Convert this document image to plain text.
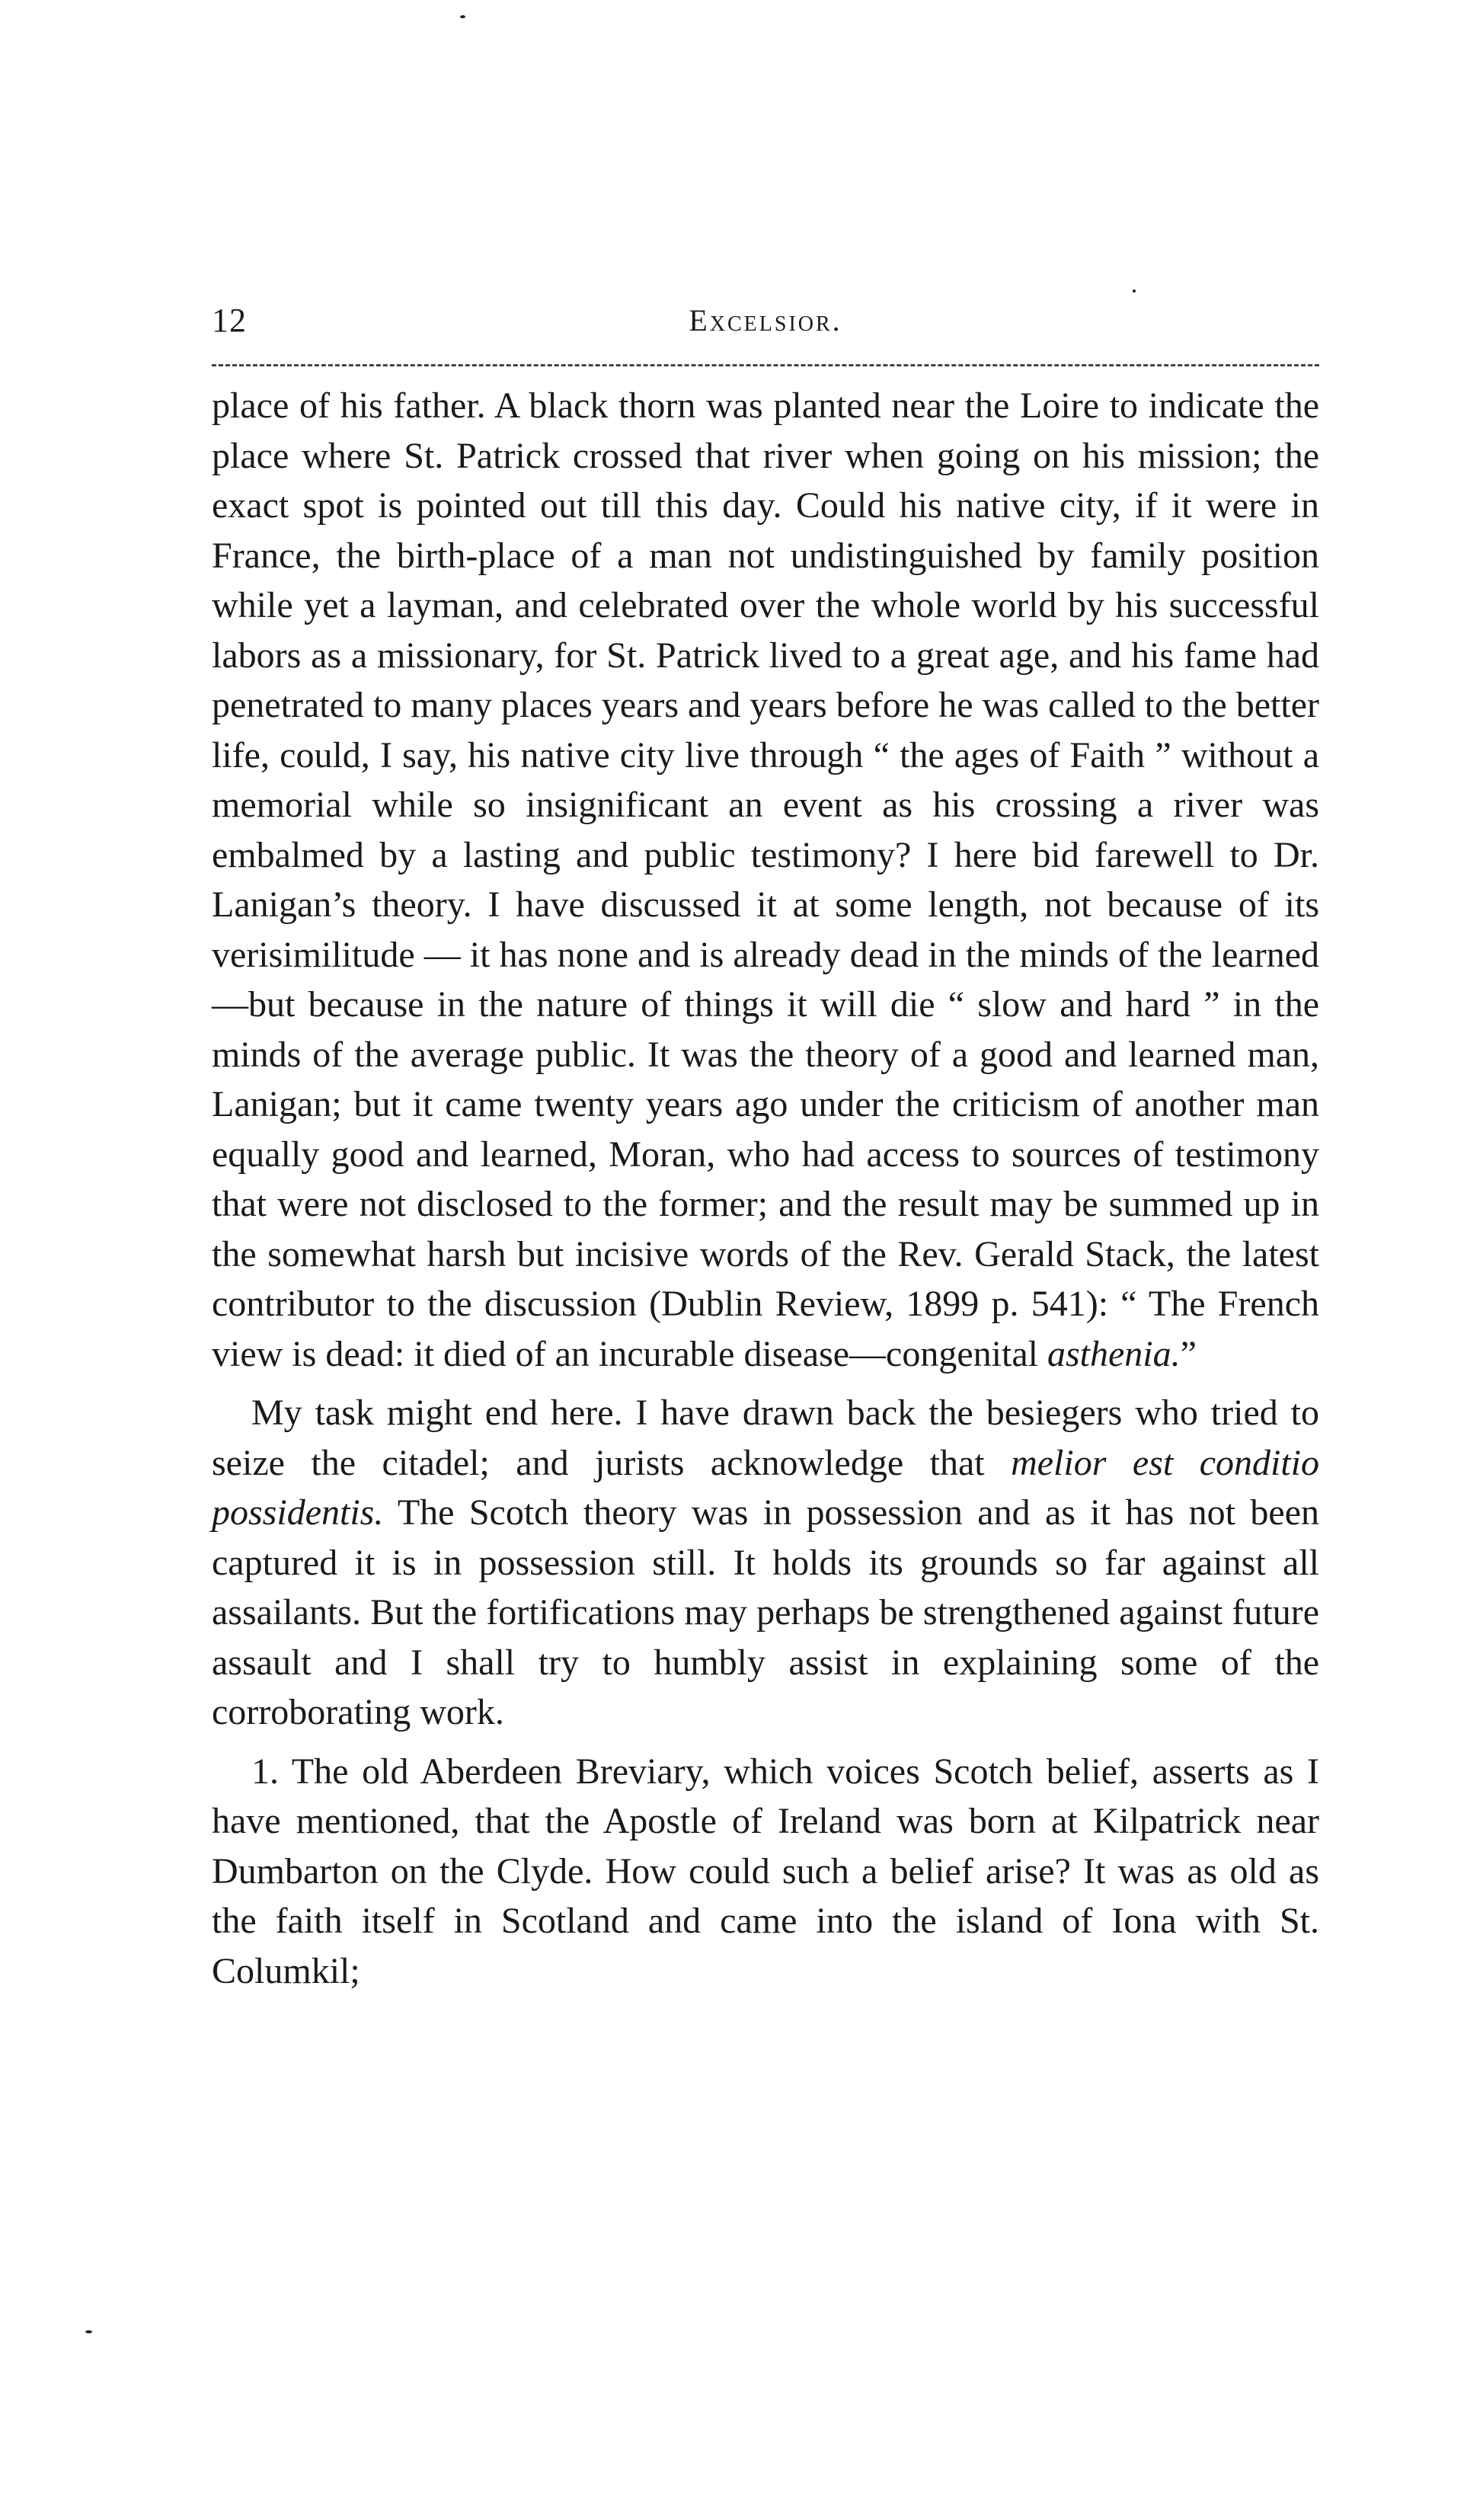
12	Excelsior.

place of his father. A black thorn was planted near the Loire to indicate the place where St. Patrick crossed that river when going on his mission; the exact spot is pointed out till this day. Could his native city, if it were in France, the birth-place of a man not undistinguished by family position while yet a layman, and celebrated over the whole world by his successful labors as a missionary, for St. Patrick lived to a great age, and his fame had penetrated to many places years and years before he was called to the better life, could, I say, his native city live through “ the ages of Faith ” without a memorial while so insignificant an event as his crossing a river was embalmed by a lasting and public testimony? I here bid farewell to Dr. Lanigan’s theory. I have discussed it at some length, not because of its verisimilitude — it has none and is already dead in the minds of the learned—but because in the nature of things it will die “ slow and hard ” in the minds of the average public. It was the theory of a good and learned man, Lanigan; but it came twenty years ago under the criticism of another man equally good and learned, Moran, who had access to sources of testimony that were not disclosed to the former; and the result may be summed up in the somewhat harsh but incisive words of the Rev. Gerald Stack, the latest contributor to the discussion (Dublin Review, 1899 p. 541): “ The French view is dead: it died of an incurable disease—congenital asthenia.”

My task might end here. I have drawn back the besiegers who tried to seize the citadel; and jurists acknowledge that melior est conditio possidentis. The Scotch theory was in possession and as it has not been captured it is in possession still. It holds its grounds so far against all assailants. But the fortifications may perhaps be strengthened against future assault and I shall try to humbly assist in explaining some of the corroborating work.

1. The old Aberdeen Breviary, which voices Scotch belief, asserts as I have mentioned, that the Apostle of Ireland was born at Kilpatrick near Dumbarton on the Clyde. How could such a belief arise? It was as old as the faith itself in Scotland and came into the island of Iona with St. Columkil;
